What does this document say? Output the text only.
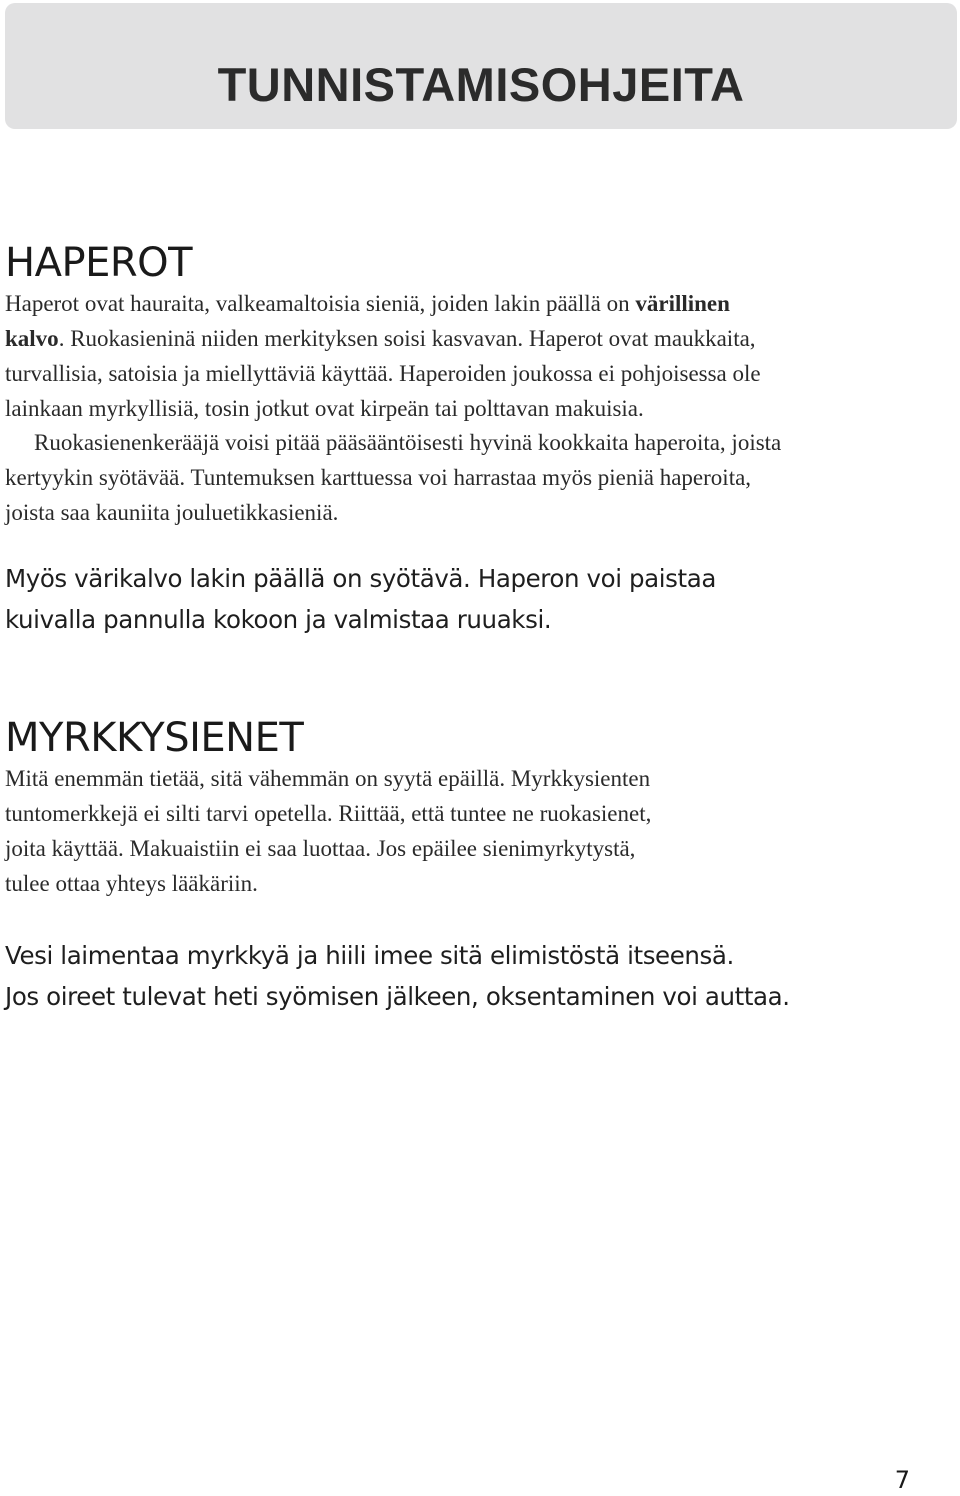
TUNNISTAMISOHJEITA
HAPEROT
Haperot ovat hauraita, valkeamaltoisia sieniä, joiden lakin päällä on värillinen
kalvo. Ruokasieninä niiden merkityksen soisi kasvavan. Haperot ovat maukkaita,
turvallisia, satoisia ja miellyttäviä käyttää. Haperoiden joukossa ei pohjoisessa ole
lainkaan myrkyllisiä, tosin jotkut ovat kirpeän tai polttavan makuisia.
Ruokasienenkerääjä voisi pitää pääsääntöisesti hyvinä kookkaita haperoita, joista
kertyykin syötävää. Tuntemuksen karttuessa voi harrastaa myös pieniä haperoita,
joista saa kauniita jouluetikkasieniä.
Myös värikalvo lakin päällä on syötävä. Haperon voi paistaa
kuivalla pannulla kokoon ja valmistaa ruuaksi.
MYRKKYSIENET
Mitä enemmän tietää, sitä vähemmän on syytä epäillä. Myrkkysienten
tuntomerkkejä ei silti tarvi opetella. Riittää, että tuntee ne ruokasienet,
joita käyttää. Makuaistiin ei saa luottaa. Jos epäilee sienimyrkytystä,
tulee ottaa yhteys lääkäriin.
Vesi laimentaa myrkkyä ja hiili imee sitä elimistöstä itseensä.
Jos oireet tulevat heti syömisen jälkeen, oksentaminen voi auttaa.
7
